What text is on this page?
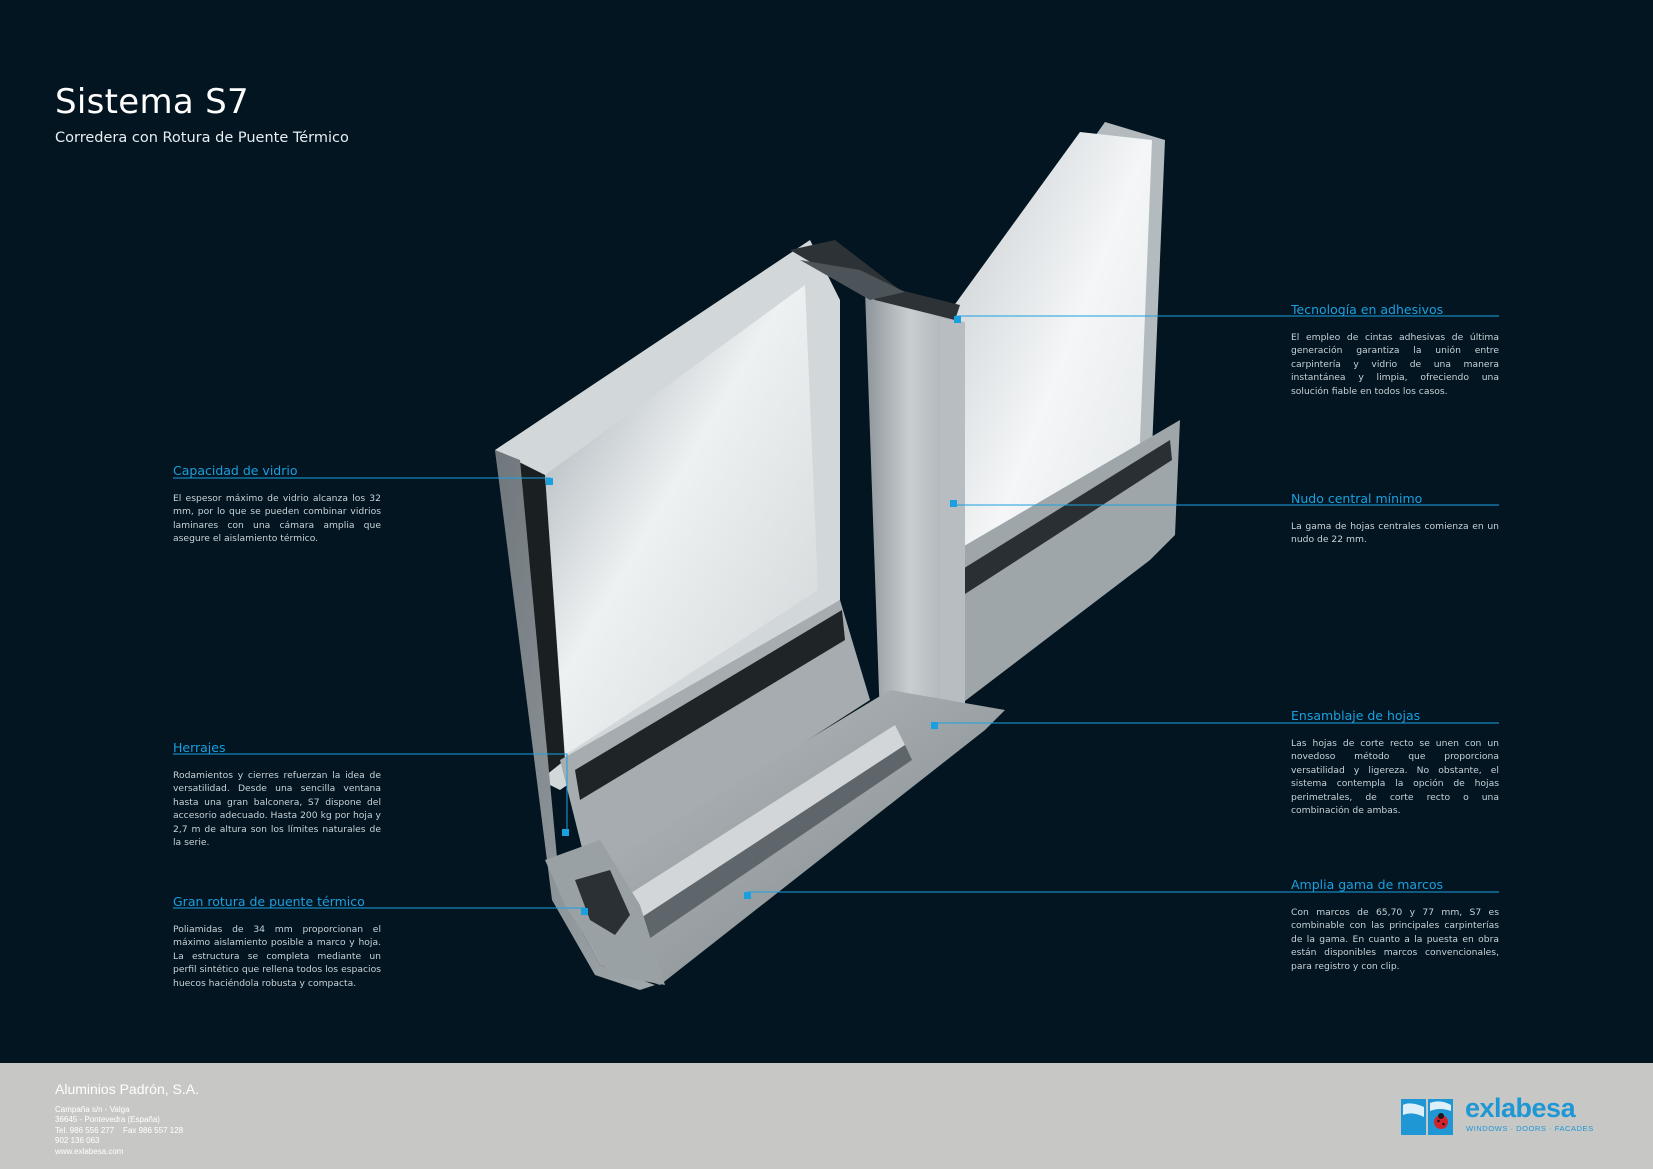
Sistema S7
Corredera con Rotura de Puente Térmico
Capacidad de vidrio

El espesor máximo de vidrio alcanza los 32 mm, por lo que se pueden combinar vidrios laminares con una cámara amplia que asegure el aislamiento térmico.

Herrajes

Rodamientos y cierres refuerzan la idea de versatilidad. Desde una sencilla ventana hasta una gran balconera, S7 dispone del accesorio adecuado. Hasta 200 kg por hoja y 2,7 m de altura son los límites naturales de la serie.

Gran rotura de puente térmico

Poliamidas de 34 mm proporcionan el máximo aislamiento posible a marco y hoja. La estructura se completa mediante un perfil sintético que rellena todos los espacios huecos haciéndola robusta y compacta.

Tecnología en adhesivos

El empleo de cintas adhesivas de última generación garantiza la unión entre carpintería y vidrio de una manera instantánea y limpia, ofreciendo una solución fiable en todos los casos.

Nudo central mínimo

La gama de hojas centrales comienza en un nudo de 22 mm.

Ensamblaje de hojas

Las hojas de corte recto se unen con un novedoso método que proporciona versatilidad y ligereza. No obstante, el sistema contempla la opción de hojas perimetrales, de corte recto o una combinación de ambas.

Amplia gama de marcos

Con marcos de 65,70 y 77 mm, S7 es combinable con las principales carpinterías de la gama. En cuanto a la puesta en obra están disponibles marcos convencionales, para registro y con clip.

Aluminios Padrón, S.A.
Campaña s/n - Valga
36645 - Pontevedra (España)
Tel. 986 556 277    Fax 986 557 128
902 136 063
www.exlabesa.com
exlabesa
WINDOWS · DOORS · FACADES
